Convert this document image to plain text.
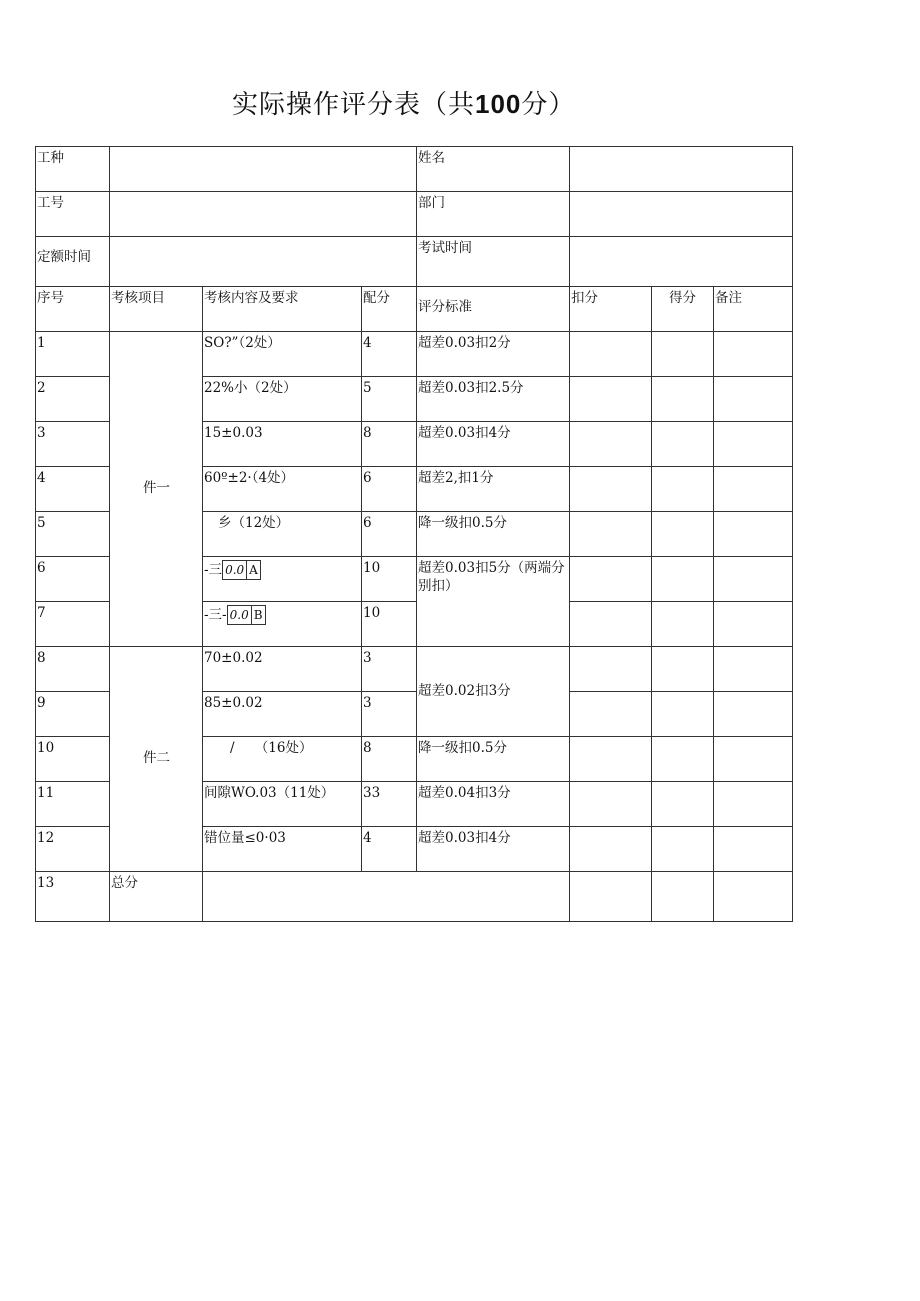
实际操作评分表（共100分）
工种				姓名			

工号				部门			

定额时间				考试时间			

序号	考核项目	考核内容及要求	配分	评分标准	扣分	得分	备注

1	件一	SO?”（2处）	4	超差0.03扣2分			

2		22%小（2处）	5	超差0.03扣2.5分			

3		15±0.03	8	超差0.03扣4分			

4		60º±2·（4处）	6	超差2,扣1分			

5		乡（12处）	6	降一级扣0.5分			

6		-三 0.0 A	10	超差0.03扣5分（两端分别扣）			

7		-三- 0.0 B	10				

8	件二	70±0.02	3	超差0.02扣3分			

9		85±0.02	3				

10		/　　（16处）	8	降一级扣0.5分			

11		间隙WO.03（11处）	33	超差0.04扣3分			

12		错位量≤0·03	4	超差0.03扣4分			

13	总分						
